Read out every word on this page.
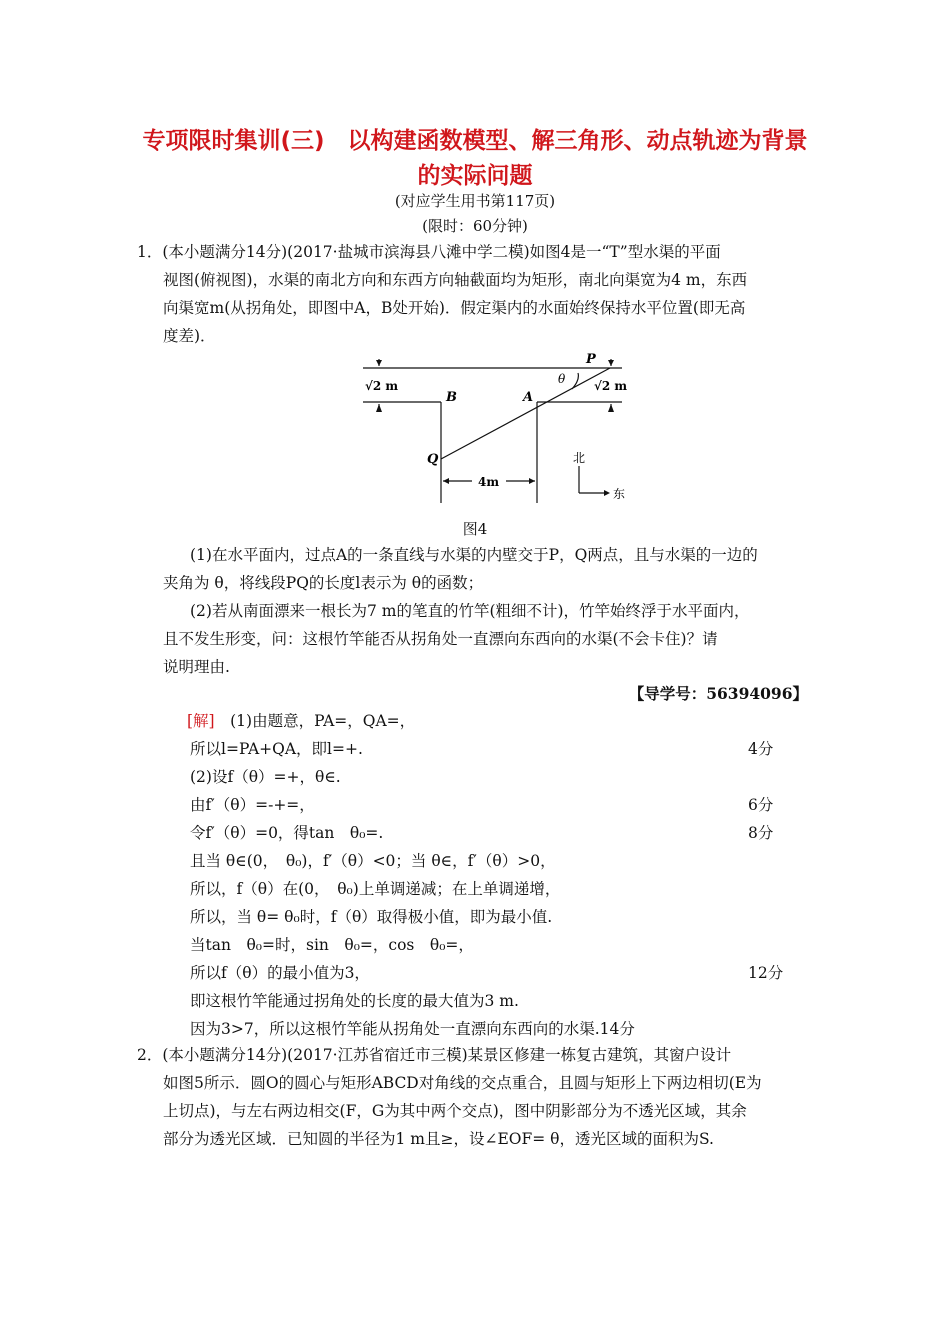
专项限时集训(三)　以构建函数模型、解三角形、动点轨迹为背景
的实际问题
(对应学生用书第117页)
(限时：60分钟)
1．(本小题满分14分)(2017·盐城市滨海县八滩中学二模)如图4是一“T”型水渠的平面
视图(俯视图)，水渠的南北方向和东西方向轴截面均为矩形，南北向渠宽为4 m，东西
向渠宽m(从拐角处，即图中A，B处开始)．假定渠内的水面始终保持水平位置(即无高
度差)．
P
θ
A
B
Q
√2 m	√2 m
4m
北
东
图4
(1)在水平面内，过点A的一条直线与水渠的内壁交于P，Q两点，且与水渠的一边的
夹角为 θ，将线段PQ的长度l表示为 θ的函数；
(2)若从南面漂来一根长为7 m的笔直的竹竿(粗细不计)，竹竿始终浮于水平面内，
且不发生形变，问：这根竹竿能否从拐角处一直漂向东西向的水渠(不会卡住)？请
说明理由.
【导学号：56394096】
[解]　 (1)由题意，PA=，QA=，
所以l=PA+QA，即l=+.	4分
(2)设f（θ）=+，θ∈.
由f′（θ）=-+=，	6分
令f′（θ）=0，得tan　θ₀=.	8分
且当 θ∈(0，　θ₀)，f′（θ）<0；当 θ∈，f′（θ）>0，
所以，f（θ）在(0，　θ₀)上单调递减；在上单调递增，
所以，当 θ= θ₀时，f（θ）取得极小值，即为最小值.
当tan　θ₀=时，sin　θ₀=，cos　θ₀=，
所以f（θ）的最小值为3，	12分
即这根竹竿能通过拐角处的长度的最大值为3 m.
因为3>7，所以这根竹竿能从拐角处一直漂向东西向的水渠.14分
2．(本小题满分14分)(2017·江苏省宿迁市三模)某景区修建一栋复古建筑，其窗户设计
如图5所示．圆O的圆心与矩形ABCD对角线的交点重合，且圆与矩形上下两边相切(E为
上切点)，与左右两边相交(F，G为其中两个交点)，图中阴影部分为不透光区域，其余
部分为透光区域．已知圆的半径为1 m且≥，设∠EOF= θ，透光区域的面积为S.
